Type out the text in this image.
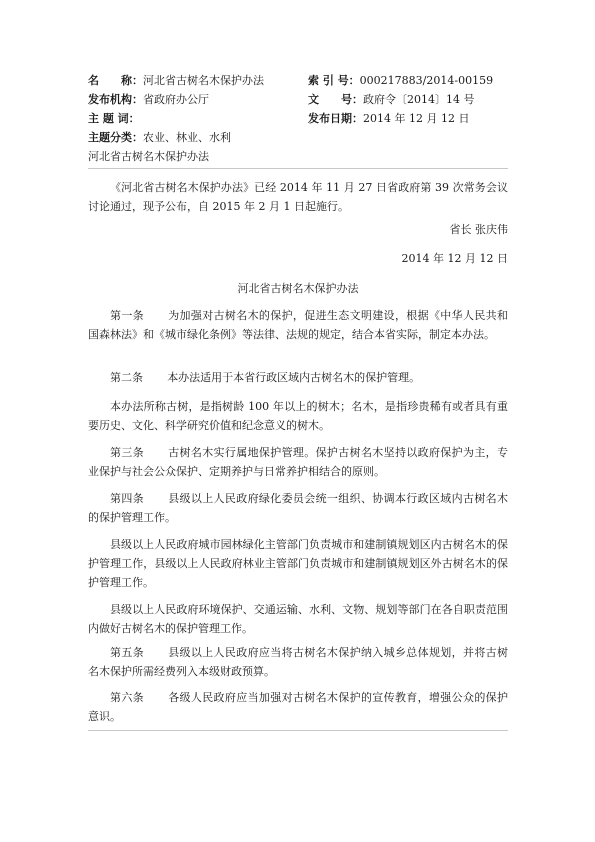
名　　称：河北省古树名木保护办法	索 引 号：000217883/2014-00159
发布机构：省政府办公厅	文　　号：政府令〔2014〕14 号
主 题 词：	发布日期：2014 年 12 月 12 日
主题分类：农业、林业、水利
河北省古树名木保护办法

《河北省古树名木保护办法》已经 2014 年 11 月 27 日省政府第 39 次常务会议讨论通过，现予公布，自 2015 年 2 月 1 日起施行。

省长 张庆伟

2014 年 12 月 12 日

河北省古树名木保护办法

第一条 为加强对古树名木的保护，促进生态文明建设，根据《中华人民共和国森林法》和《城市绿化条例》等法律、法规的规定，结合本省实际，制定本办法。

第二条 本办法适用于本省行政区域内古树名木的保护管理。

本办法所称古树，是指树龄 100 年以上的树木；名木，是指珍贵稀有或者具有重要历史、文化、科学研究价值和纪念意义的树木。

第三条 古树名木实行属地保护管理。保护古树名木坚持以政府保护为主，专业保护与社会公众保护、定期养护与日常养护相结合的原则。

第四条 县级以上人民政府绿化委员会统一组织、协调本行政区域内古树名木的保护管理工作。

县级以上人民政府城市园林绿化主管部门负责城市和建制镇规划区内古树名木的保护管理工作，县级以上人民政府林业主管部门负责城市和建制镇规划区外古树名木的保护管理工作。

县级以上人民政府环境保护、交通运输、水利、文物、规划等部门在各自职责范围内做好古树名木的保护管理工作。

第五条 县级以上人民政府应当将古树名木保护纳入城乡总体规划，并将古树名木保护所需经费列入本级财政预算。

第六条 各级人民政府应当加强对古树名木保护的宣传教育，增强公众的保护意识。
